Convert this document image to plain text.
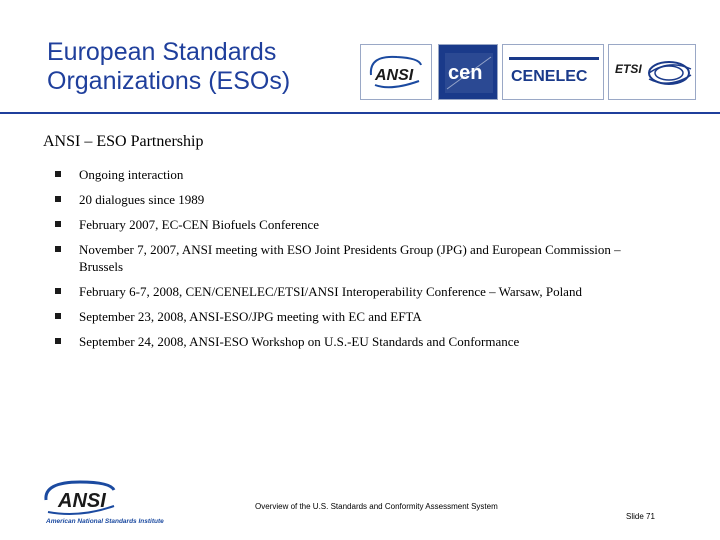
European Standards
Organizations (ESOs)	ANSI cen CENELEC ETSI
ANSI – ESO Partnership
Ongoing interaction
20 dialogues since 1989
February 2007, EC-CEN Biofuels Conference
November 7, 2007, ANSI meeting with ESO Joint Presidents Group (JPG) and European Commission – Brussels
February 6-7, 2008, CEN/CENELEC/ETSI/ANSI Interoperability Conference – Warsaw, Poland
September 23, 2008, ANSI-ESO/JPG meeting with EC and EFTA
September 24, 2008, ANSI-ESO Workshop on U.S.-EU Standards and Conformance
ANSI
American National Standards Institute
Overview of the U.S. Standards and Conformity Assessment System
Slide 71
